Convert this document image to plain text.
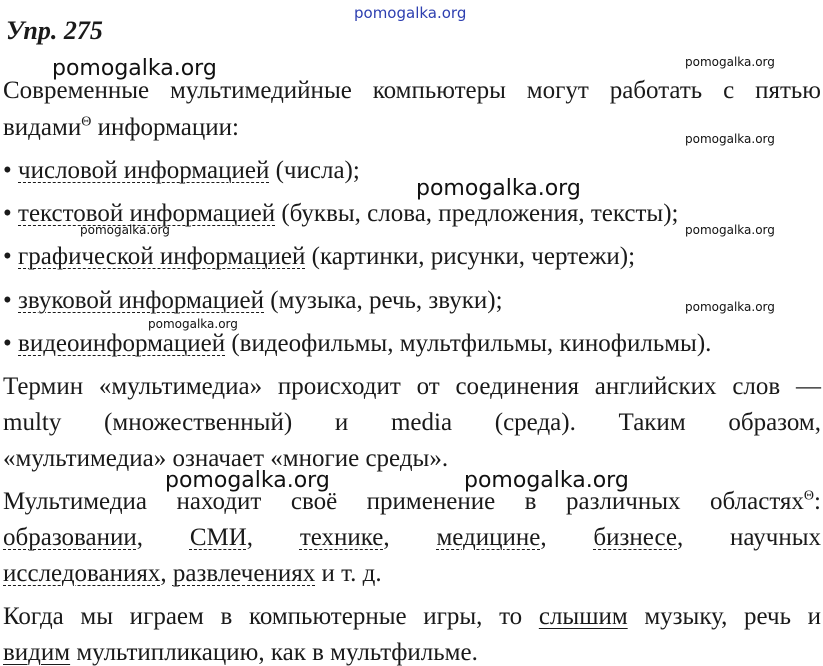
pomogalka.org
pomogalka.org	pomogalka.org
pomogalka.org
pomogalka.org
pomogalka.org	pomogalka.org
pomogalka.org
pomogalka.org
pomogalka.org	pomogalka.org
Упр. 275
Современные мультимедийные компьютеры могут работать с пятью
видами$^\Theta$ информации:
• числовой информацией (числа);
• текстовой информацией (буквы, слова, предложения, тексты);
• графической информацией (картинки, рисунки, чертежи);
• звуковой информацией (музыка, речь, звуки);
• видеоинформацией (видеофильмы, мультфильмы, кинофильмы).
Термин «мультимедиа» происходит от соединения английских слов —
multy (множественный) и media (среда). Таким образом,
«мультимедиа» означает «многие среды».
Мультимедиа находит своё применение в различных областях$^\Theta$:
образовании, СМИ, технике, медицине, бизнесе, научных
исследованиях, развлечениях и т. д.
Когда мы играем в компьютерные игры, то слышим музыку, речь и
видим мультипликацию, как в мультфильме.
